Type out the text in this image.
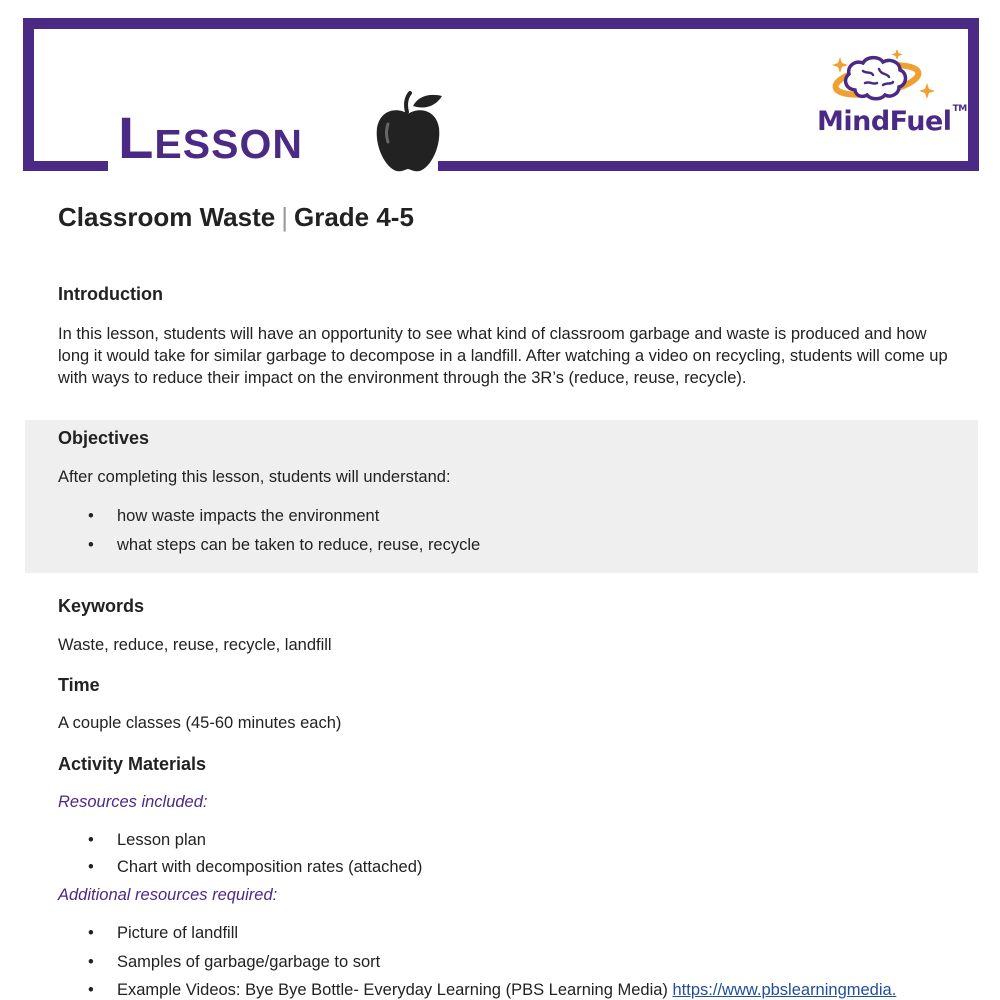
Lesson	MindFuel™
Classroom Waste | Grade 4-5
Introduction
In this lesson, students will have an opportunity to see what kind of classroom garbage and waste is produced and how long it would take for similar garbage to decompose in a landfill. After watching a video on recycling, students will come up with ways to reduce their impact on the environment through the 3R’s (reduce, reuse, recycle).
Objectives
After completing this lesson, students will understand:
• how waste impacts the environment
• what steps can be taken to reduce, reuse, recycle
Keywords
Waste, reduce, reuse, recycle, landfill
Time
A couple classes (45-60 minutes each)
Activity Materials
Resources included:
• Lesson plan
• Chart with decomposition rates (attached)
Additional resources required:
• Picture of landfill
• Samples of garbage/garbage to sort
• Example Videos: Bye Bye Bottle- Everyday Learning (PBS Learning Media) https://www.pbslearningmedia.
